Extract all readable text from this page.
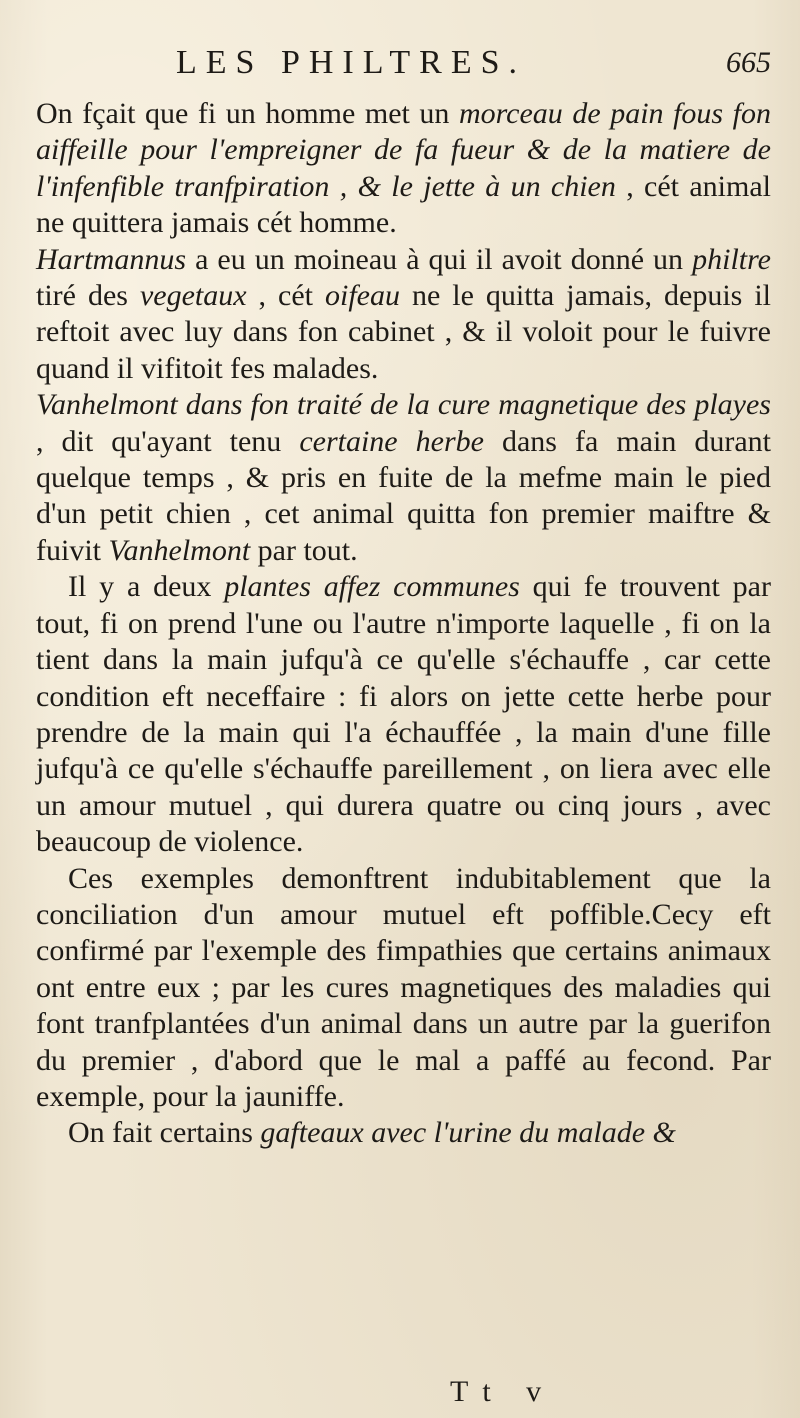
LES PHILTRES.	665

On fçait que fi un homme met un morceau de pain fous fon aiffeille pour l'empreigner de fa fueur & de la matiere de l'infenfible tranfpiration , & le jette à un chien , cét animal ne quittera jamais cét homme.

Hartmannus a eu un moineau à qui il avoit donné un philtre tiré des vegetaux , cét oifeau ne le quitta jamais, depuis il reftoit avec luy dans fon cabinet , & il voloit pour le fuivre quand il vifitoit fes malades.

Vanhelmont dans fon traité de la cure magnetique des playes , dit qu'ayant tenu certaine herbe dans fa main durant quelque temps , & pris en fuite de la mefme main le pied d'un petit chien , cet animal quitta fon premier maiftre & fuivit Vanhelmont par tout.

Il y a deux plantes affez communes qui fe trouvent par tout, fi on prend l'une ou l'autre n'importe laquelle , fi on la tient dans la main jufqu'à ce qu'elle s'échauffe , car cette condition eft neceffaire : fi alors on jette cette herbe pour prendre de la main qui l'a échauffée , la main d'une fille jufqu'à ce qu'elle s'échauffe pareillement , on liera avec elle un amour mutuel , qui durera quatre ou cinq jours , avec beaucoup de violence.

Ces exemples demonftrent indubitablement que la conciliation d'un amour mutuel eft poffible.Cecy eft confirmé par l'exemple des fimpathies que certains animaux ont entre eux ; par les cures magnetiques des maladies qui font tranfplantées d'un animal dans un autre par la guerifon du premier , d'abord que le mal a paffé au fecond. Par exemple, pour la jauniffe.

On fait certains gafteaux avec l'urine du malade &

Tt v
